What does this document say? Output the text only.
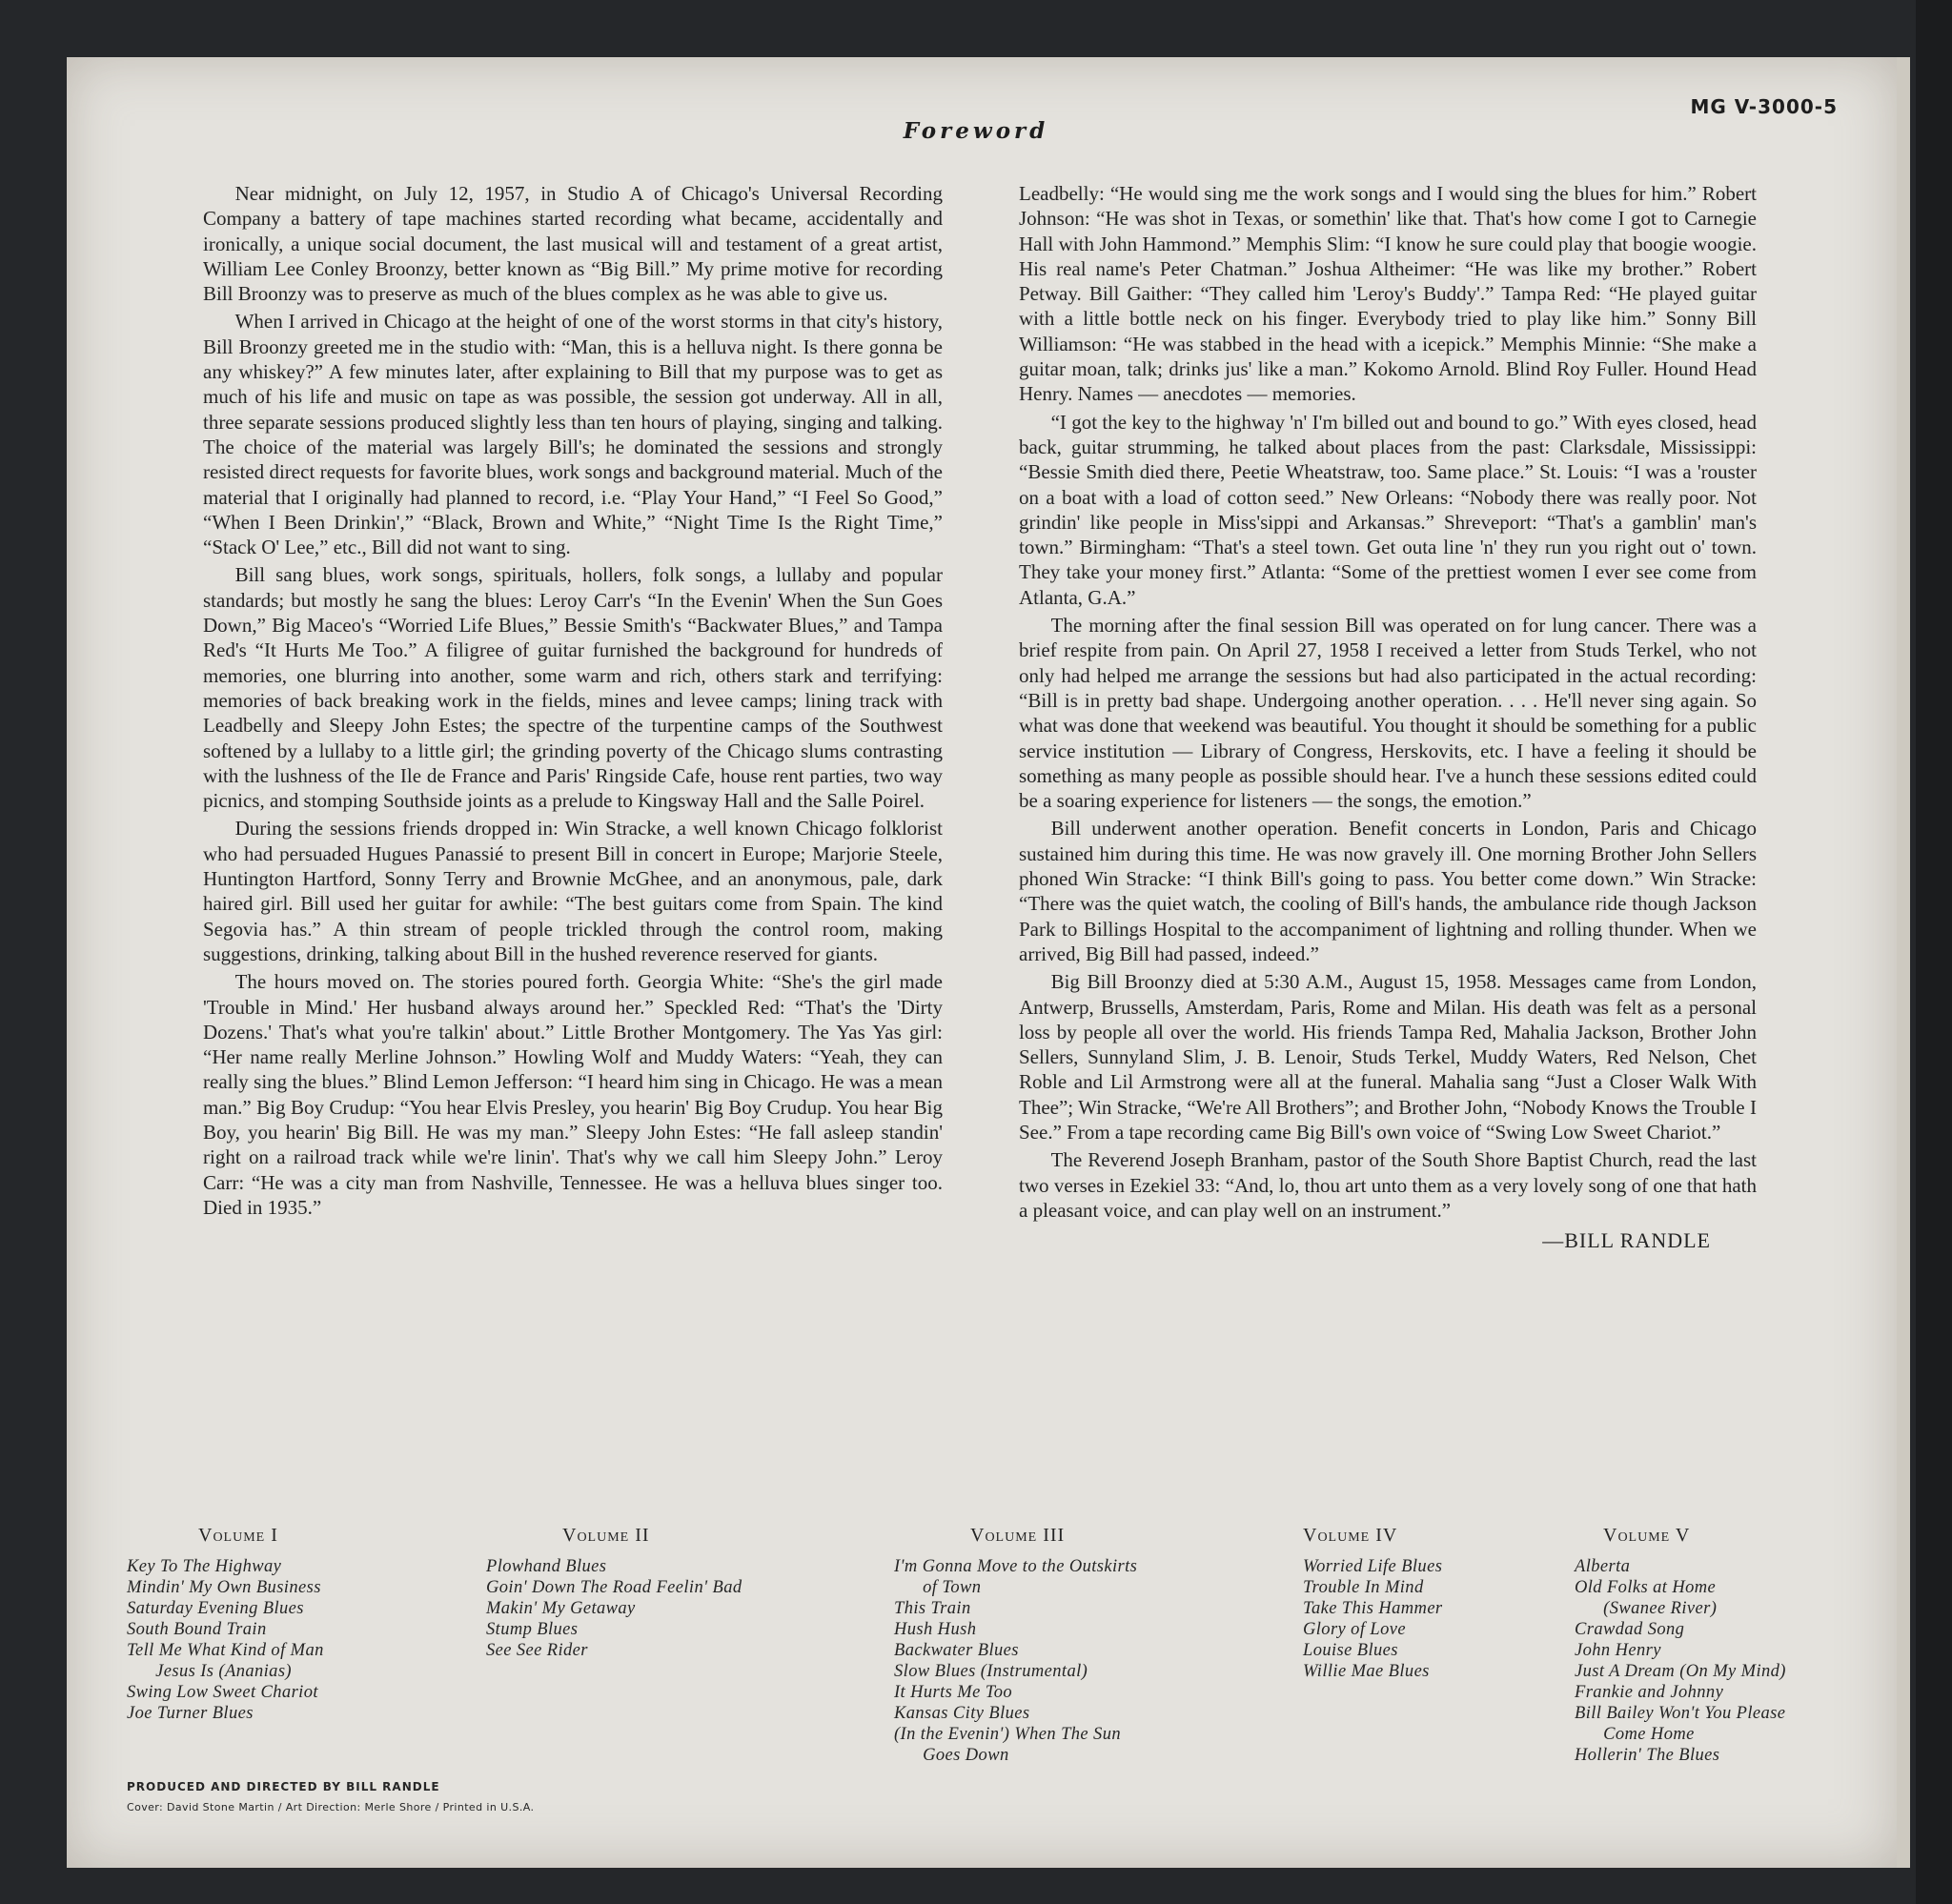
MG V-3000-5
Foreword

Near midnight, on July 12, 1957, in Studio A of Chicago's Universal Recording Company a battery of tape machines started recording what became, accidentally and ironically, a unique social document, the last musical will and testament of a great artist, William Lee Conley Broonzy, better known as “Big Bill.” My prime motive for recording Bill Broonzy was to preserve as much of the blues complex as he was able to give us.

When I arrived in Chicago at the height of one of the worst storms in that city's history, Bill Broonzy greeted me in the studio with: “Man, this is a helluva night. Is there gonna be any whiskey?” A few minutes later, after explaining to Bill that my purpose was to get as much of his life and music on tape as was possible, the session got underway. All in all, three separate sessions produced slightly less than ten hours of playing, singing and talking. The choice of the material was largely Bill's; he dominated the sessions and strongly resisted direct requests for favorite blues, work songs and background material. Much of the material that I originally had planned to record, i.e. “Play Your Hand,” “I Feel So Good,” “When I Been Drinkin',” “Black, Brown and White,” “Night Time Is the Right Time,” “Stack O' Lee,” etc., Bill did not want to sing.

Bill sang blues, work songs, spirituals, hollers, folk songs, a lullaby and popular standards; but mostly he sang the blues: Leroy Carr's “In the Evenin' When the Sun Goes Down,” Big Maceo's “Worried Life Blues,” Bessie Smith's “Backwater Blues,” and Tampa Red's “It Hurts Me Too.” A filigree of guitar furnished the background for hundreds of memories, one blurring into another, some warm and rich, others stark and terrifying: memories of back breaking work in the fields, mines and levee camps; lining track with Leadbelly and Sleepy John Estes; the spectre of the turpentine camps of the Southwest softened by a lullaby to a little girl; the grinding poverty of the Chicago slums contrasting with the lushness of the Ile de France and Paris' Ringside Cafe, house rent parties, two way picnics, and stomping Southside joints as a prelude to Kingsway Hall and the Salle Poirel.

During the sessions friends dropped in: Win Stracke, a well known Chicago folklorist who had persuaded Hugues Panassié to present Bill in concert in Europe; Marjorie Steele, Huntington Hartford, Sonny Terry and Brownie McGhee, and an anonymous, pale, dark haired girl. Bill used her guitar for awhile: “The best guitars come from Spain. The kind Segovia has.” A thin stream of people trickled through the control room, making suggestions, drinking, talking about Bill in the hushed reverence reserved for giants.

The hours moved on. The stories poured forth. Georgia White: “She's the girl made 'Trouble in Mind.' Her husband always around her.” Speckled Red: “That's the 'Dirty Dozens.' That's what you're talkin' about.” Little Brother Montgomery. The Yas Yas girl: “Her name really Merline Johnson.” Howling Wolf and Muddy Waters: “Yeah, they can really sing the blues.” Blind Lemon Jefferson: “I heard him sing in Chicago. He was a mean man.” Big Boy Crudup: “You hear Elvis Presley, you hearin' Big Boy Crudup. You hear Big Boy, you hearin' Big Bill. He was my man.” Sleepy John Estes: “He fall asleep standin' right on a railroad track while we're linin'. That's why we call him Sleepy John.” Leroy Carr: “He was a city man from Nashville, Tennessee. He was a helluva blues singer too. Died in 1935.”

Leadbelly: “He would sing me the work songs and I would sing the blues for him.” Robert Johnson: “He was shot in Texas, or somethin' like that. That's how come I got to Carnegie Hall with John Hammond.” Memphis Slim: “I know he sure could play that boogie woogie. His real name's Peter Chatman.” Joshua Altheimer: “He was like my brother.” Robert Petway. Bill Gaither: “They called him 'Leroy's Buddy'.” Tampa Red: “He played guitar with a little bottle neck on his finger. Everybody tried to play like him.” Sonny Bill Williamson: “He was stabbed in the head with a icepick.” Memphis Minnie: “She make a guitar moan, talk; drinks jus' like a man.” Kokomo Arnold. Blind Roy Fuller. Hound Head Henry. Names — anecdotes — memories.

“I got the key to the highway 'n' I'm billed out and bound to go.” With eyes closed, head back, guitar strumming, he talked about places from the past: Clarksdale, Mississippi: “Bessie Smith died there, Peetie Wheatstraw, too. Same place.” St. Louis: “I was a 'rouster on a boat with a load of cotton seed.” New Orleans: “Nobody there was really poor. Not grindin' like people in Miss'sippi and Arkansas.” Shreveport: “That's a gamblin' man's town.” Birmingham: “That's a steel town. Get outa line 'n' they run you right out o' town. They take your money first.” Atlanta: “Some of the prettiest women I ever see come from Atlanta, G.A.”

The morning after the final session Bill was operated on for lung cancer. There was a brief respite from pain. On April 27, 1958 I received a letter from Studs Terkel, who not only had helped me arrange the sessions but had also participated in the actual recording: “Bill is in pretty bad shape. Undergoing another operation. . . . He'll never sing again. So what was done that weekend was beautiful. You thought it should be something for a public service institution — Library of Congress, Herskovits, etc. I have a feeling it should be something as many people as possible should hear. I've a hunch these sessions edited could be a soaring experience for listeners — the songs, the emotion.”

Bill underwent another operation. Benefit concerts in London, Paris and Chicago sustained him during this time. He was now gravely ill. One morning Brother John Sellers phoned Win Stracke: “I think Bill's going to pass. You better come down.” Win Stracke: “There was the quiet watch, the cooling of Bill's hands, the ambulance ride though Jackson Park to Billings Hospital to the accompaniment of lightning and rolling thunder. When we arrived, Big Bill had passed, indeed.”

Big Bill Broonzy died at 5:30 A.M., August 15, 1958. Messages came from London, Antwerp, Brussells, Amsterdam, Paris, Rome and Milan. His death was felt as a personal loss by people all over the world. His friends Tampa Red, Mahalia Jackson, Brother John Sellers, Sunnyland Slim, J. B. Lenoir, Studs Terkel, Muddy Waters, Red Nelson, Chet Roble and Lil Armstrong were all at the funeral. Mahalia sang “Just a Closer Walk With Thee”; Win Stracke, “We're All Brothers”; and Brother John, “Nobody Knows the Trouble I See.” From a tape recording came Big Bill's own voice of “Swing Low Sweet Chariot.”

The Reverend Joseph Branham, pastor of the South Shore Baptist Church, read the last two verses in Ezekiel 33: “And, lo, thou art unto them as a very lovely song of one that hath a pleasant voice, and can play well on an instrument.”

—BILL RANDLE
Volume I
Key To The Highway
Mindin' My Own Business
Saturday Evening Blues
South Bound Train
Tell Me What Kind of Man
Jesus Is (Ananias)
Swing Low Sweet Chariot
Joe Turner Blues
Volume II
Plowhand Blues
Goin' Down The Road Feelin' Bad
Makin' My Getaway
Stump Blues
See See Rider
Volume III
I'm Gonna Move to the Outskirts
of Town
This Train
Hush Hush
Backwater Blues
Slow Blues (Instrumental)
It Hurts Me Too
Kansas City Blues
(In the Evenin') When The Sun
Goes Down
Volume IV
Worried Life Blues
Trouble In Mind
Take This Hammer
Glory of Love
Louise Blues
Willie Mae Blues
Volume V
Alberta
Old Folks at Home
(Swanee River)
Crawdad Song
John Henry
Just A Dream (On My Mind)
Frankie and Johnny
Bill Bailey Won't You Please
Come Home
Hollerin' The Blues
PRODUCED AND DIRECTED BY BILL RANDLE
Cover: David Stone Martin / Art Direction: Merle Shore / Printed in U.S.A.
